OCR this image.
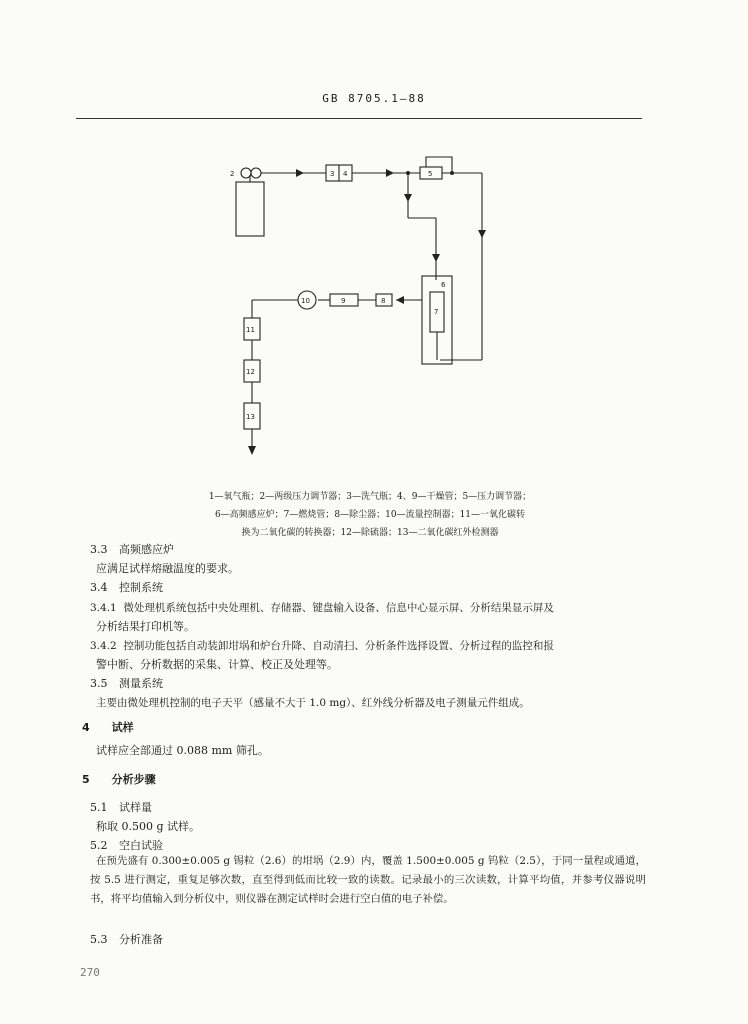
GB 8705.1—88
2	3 4	5
6
7
8
9
10
11
12
13
1—氧气瓶；2—两级压力调节器；3—洗气瓶；4、9—干燥管；5—压力调节器；
6—高频感应炉；7—燃烧管；8—除尘器；10—流量控制器；11—一氧化碳转
换为二氧化碳的转换器；12—除硫器；13—二氧化碳红外检测器
3.3 高频感应炉
应满足试样熔融温度的要求。
3.4 控制系统
3.4.1 微处理机系统包括中央处理机、存储器、键盘输入设备、信息中心显示屏、分析结果显示屏及
分析结果打印机等。
3.4.2 控制功能包括自动装卸坩埚和炉台升降、自动清扫、分析条件选择设置、分析过程的监控和报
警中断、分析数据的采集、计算、校正及处理等。
3.5 测量系统
主要由微处理机控制的电子天平（感量不大于 1.0 mg）、红外线分析器及电子测量元件组成。
4 试样
试样应全部通过 0.088 mm 筛孔。
5 分析步骤
5.1 试样量
称取 0.500 g 试样。
5.2 空白试验
在预先盛有 0.300±0.005 g 锡粒（2.6）的坩埚（2.9）内，覆盖 1.500±0.005 g 钨粒（2.5），于同一量程或通道，按 5.5 进行测定，重复足够次数，直至得到低而比较一致的读数。记录最小的三次读数，计算平均值，并参考仪器说明书，将平均值输入到分析仪中，则仪器在测定试样时会进行空白值的电子补偿。
5.3 分析准备
270
